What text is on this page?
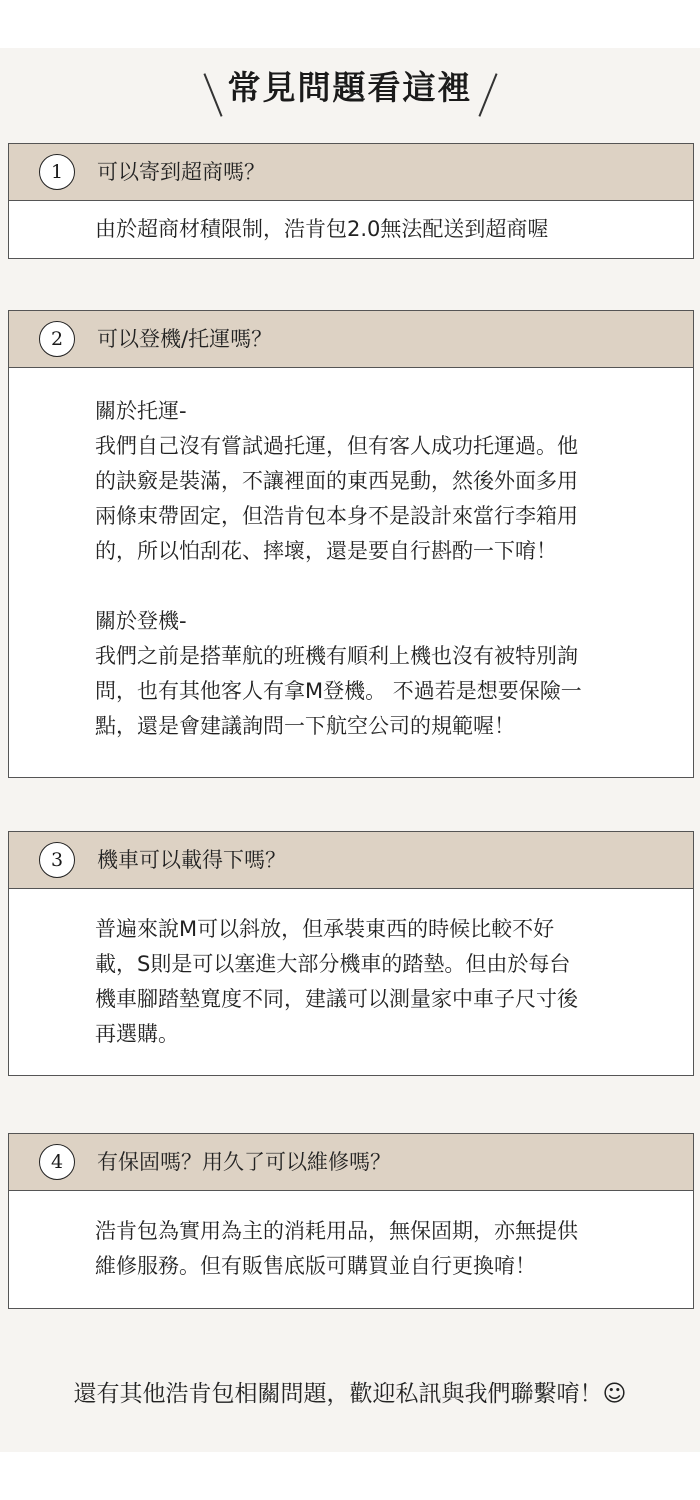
常見問題看這裡
1	可以寄到超商嗎？

由於超商材積限制，浩肯包2.0無法配送到超商喔

2	可以登機/托運嗎？

關於托運-

我們自己沒有嘗試過托運，但有客人成功托運過。他
的訣竅是裝滿，不讓裡面的東西晃動，然後外面多用
兩條束帶固定，但浩肯包本身不是設計來當行李箱用
的，所以怕刮花、摔壞，還是要自行斟酌一下唷！

關於登機-

我們之前是搭華航的班機有順利上機也沒有被特別詢
問，也有其他客人有拿M登機。 不過若是想要保險一
點，還是會建議詢問一下航空公司的規範喔！

3	機車可以載得下嗎？

普遍來說M可以斜放，但承裝東西的時候比較不好
載，S則是可以塞進大部分機車的踏墊。但由於每台
機車腳踏墊寬度不同，建議可以測量家中車子尺寸後
再選購。

4	有保固嗎？用久了可以維修嗎？

浩肯包為實用為主的消耗用品，無保固期，亦無提供
維修服務。但有販售底版可購買並自行更換唷！

還有其他浩肯包相關問題，歡迎私訊與我們聯繫唷！☺
